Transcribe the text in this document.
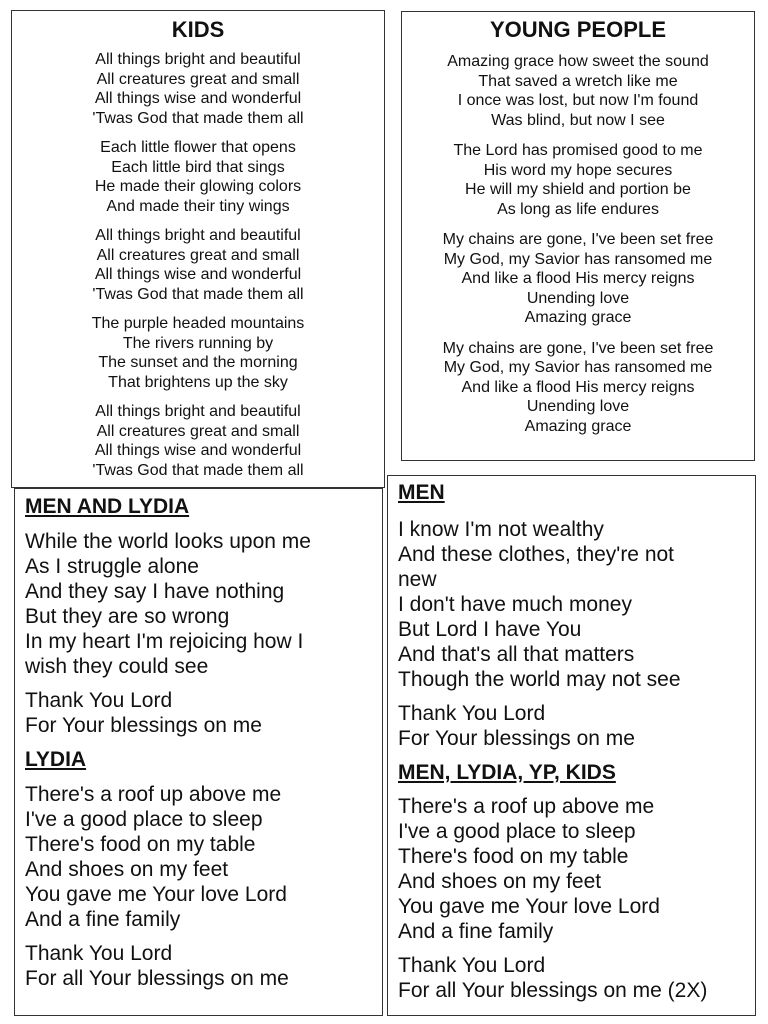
KIDS
All things bright and beautiful
All creatures great and small
All things wise and wonderful
'Twas God that made them all
Each little flower that opens
Each little bird that sings
He made their glowing colors
And made their tiny wings
All things bright and beautiful
All creatures great and small
All things wise and wonderful
'Twas God that made them all
The purple headed mountains
The rivers running by
The sunset and the morning
That brightens up the sky
All things bright and beautiful
All creatures great and small
All things wise and wonderful
'Twas God that made them all
YOUNG PEOPLE
Amazing grace how sweet the sound
That saved a wretch like me
I once was lost, but now I'm found
Was blind, but now I see
The Lord has promised good to me
His word my hope secures
He will my shield and portion be
As long as life endures
My chains are gone, I've been set free
My God, my Savior has ransomed me
And like a flood His mercy reigns
Unending love
Amazing grace
My chains are gone, I've been set free
My God, my Savior has ransomed me
And like a flood His mercy reigns
Unending love
Amazing grace
MEN AND LYDIA
While the world looks upon me
As I struggle alone
And they say I have nothing
But they are so wrong
In my heart I'm rejoicing how I
wish they could see
Thank You Lord
For Your blessings on me
LYDIA
There's a roof up above me
I've a good place to sleep
There's food on my table
And shoes on my feet
You gave me Your love Lord
And a fine family
Thank You Lord
For all Your blessings on me
MEN
I know I'm not wealthy
And these clothes, they're not
new
I don't have much money
But Lord I have You
And that's all that matters
Though the world may not see
Thank You Lord
For Your blessings on me
MEN, LYDIA, YP, KIDS
There's a roof up above me
I've a good place to sleep
There's food on my table
And shoes on my feet
You gave me Your love Lord
And a fine family
Thank You Lord
For all Your blessings on me (2X)
